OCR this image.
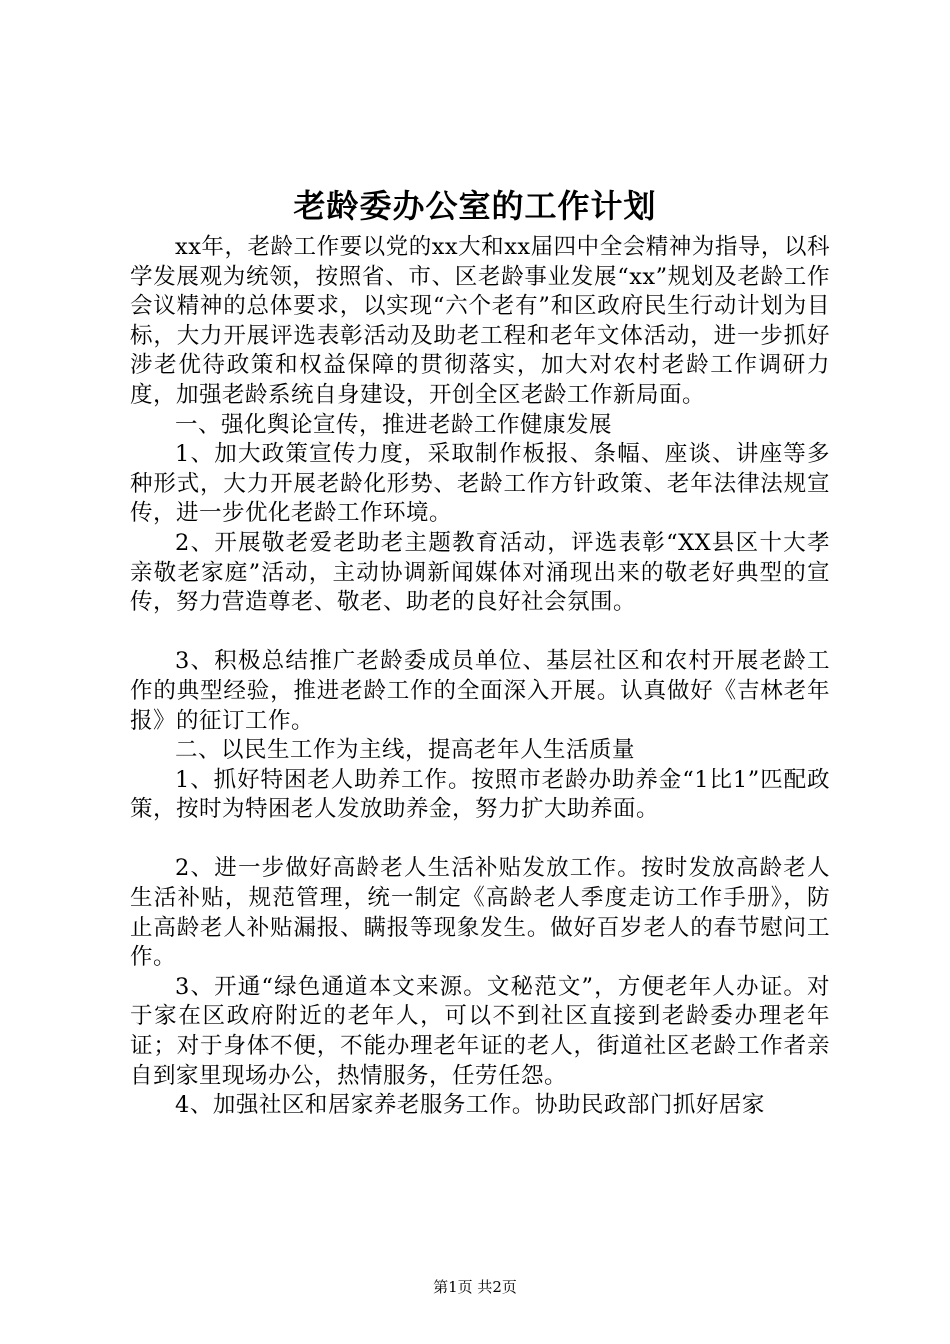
老龄委办公室的工作计划

xx年，老龄工作要以党的xx大和xx届四中全会精神为指导，以科学发展观为统领，按照省、市、区老龄事业发展“xx”规划及老龄工作会议精神的总体要求，以实现“六个老有”和区政府民生行动计划为目标，大力开展评选表彰活动及助老工程和老年文体活动，进一步抓好涉老优待政策和权益保障的贯彻落实，加大对农村老龄工作调研力度，加强老龄系统自身建设，开创全区老龄工作新局面。

一、强化舆论宣传，推进老龄工作健康发展

1、加大政策宣传力度，采取制作板报、条幅、座谈、讲座等多种形式，大力开展老龄化形势、老龄工作方针政策、老年法律法规宣传，进一步优化老龄工作环境。

2、开展敬老爱老助老主题教育活动，评选表彰“XX县区十大孝亲敬老家庭”活动，主动协调新闻媒体对涌现出来的敬老好典型的宣传，努力营造尊老、敬老、助老的良好社会氛围。

3、积极总结推广老龄委成员单位、基层社区和农村开展老龄工作的典型经验，推进老龄工作的全面深入开展。认真做好《吉林老年报》的征订工作。

二、以民生工作为主线，提高老年人生活质量

1、抓好特困老人助养工作。按照市老龄办助养金“1比1”匹配政策，按时为特困老人发放助养金，努力扩大助养面。

2、进一步做好高龄老人生活补贴发放工作。按时发放高龄老人生活补贴，规范管理，统一制定《高龄老人季度走访工作手册》，防止高龄老人补贴漏报、瞒报等现象发生。做好百岁老人的春节慰问工作。

3、开通“绿色通道本文来源。文秘范文”，方便老年人办证。对于家在区政府附近的老年人，可以不到社区直接到老龄委办理老年证；对于身体不便，不能办理老年证的老人，街道社区老龄工作者亲自到家里现场办公，热情服务，任劳任怨。

4、加强社区和居家养老服务工作。协助民政部门抓好居家

第1页 共2页
